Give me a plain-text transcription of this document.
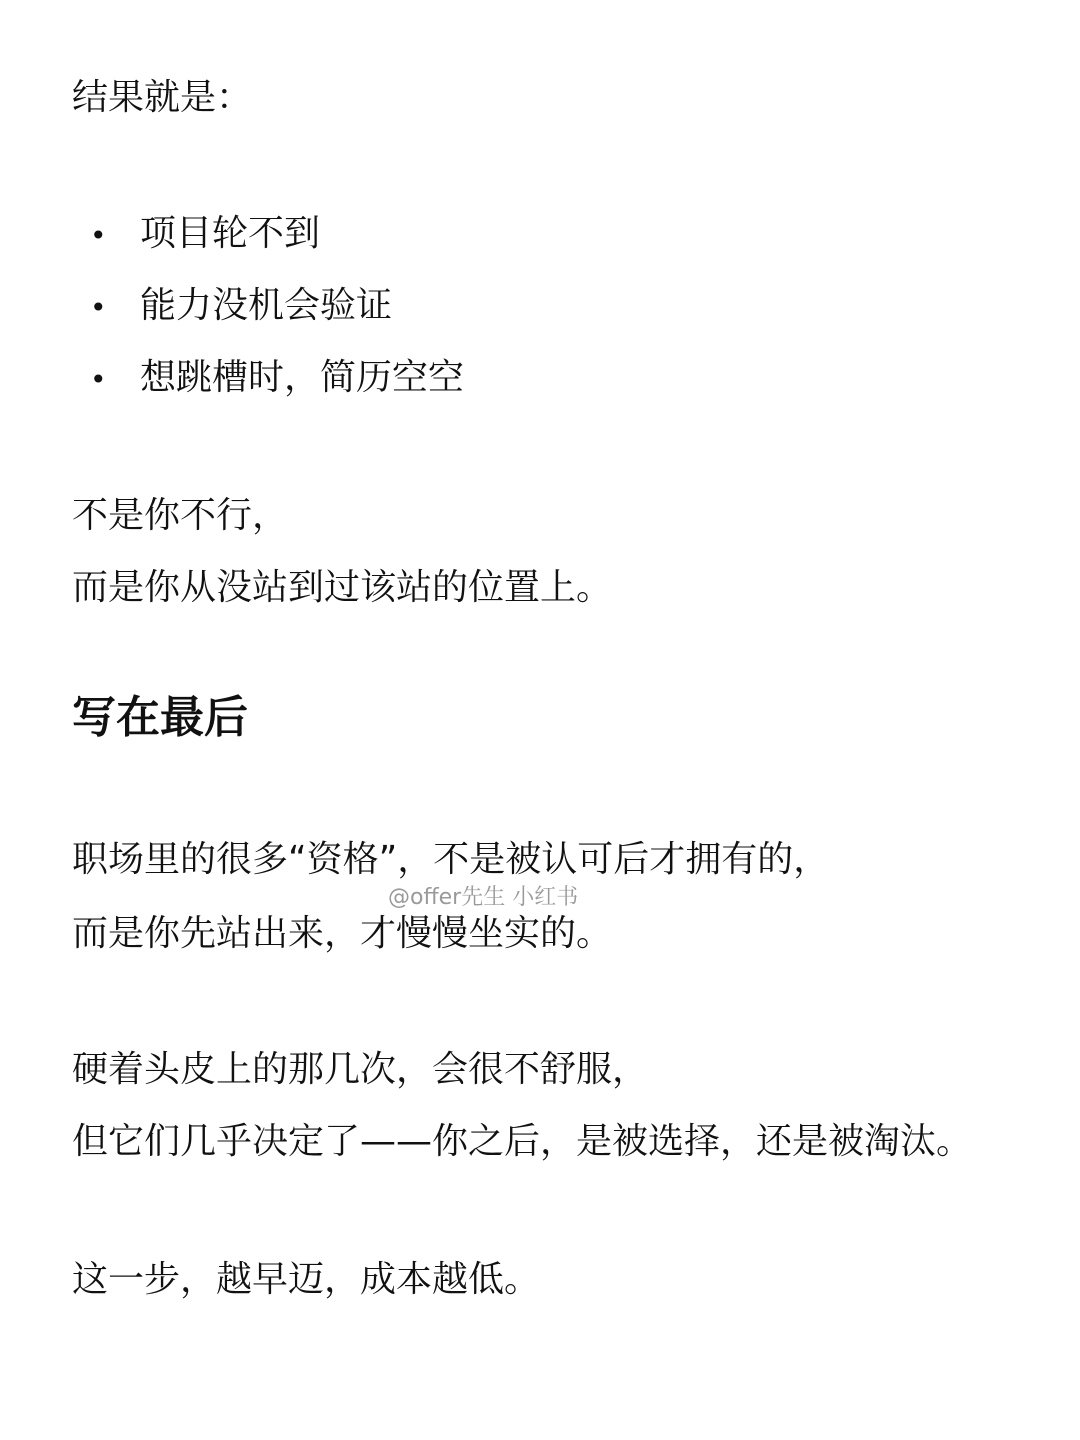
结果就是：
• 项目轮不到
• 能力没机会验证
• 想跳槽时，简历空空
不是你不行，
而是你从没站到过该站的位置上。
写在最后
职场里的很多“资格”，不是被认可后才拥有的，
@offer先生 小红书
而是你先站出来，才慢慢坐实的。
硬着头皮上的那几次，会很不舒服，
但它们几乎决定了——你之后，是被选择，还是被淘汰。
这一步，越早迈，成本越低。
